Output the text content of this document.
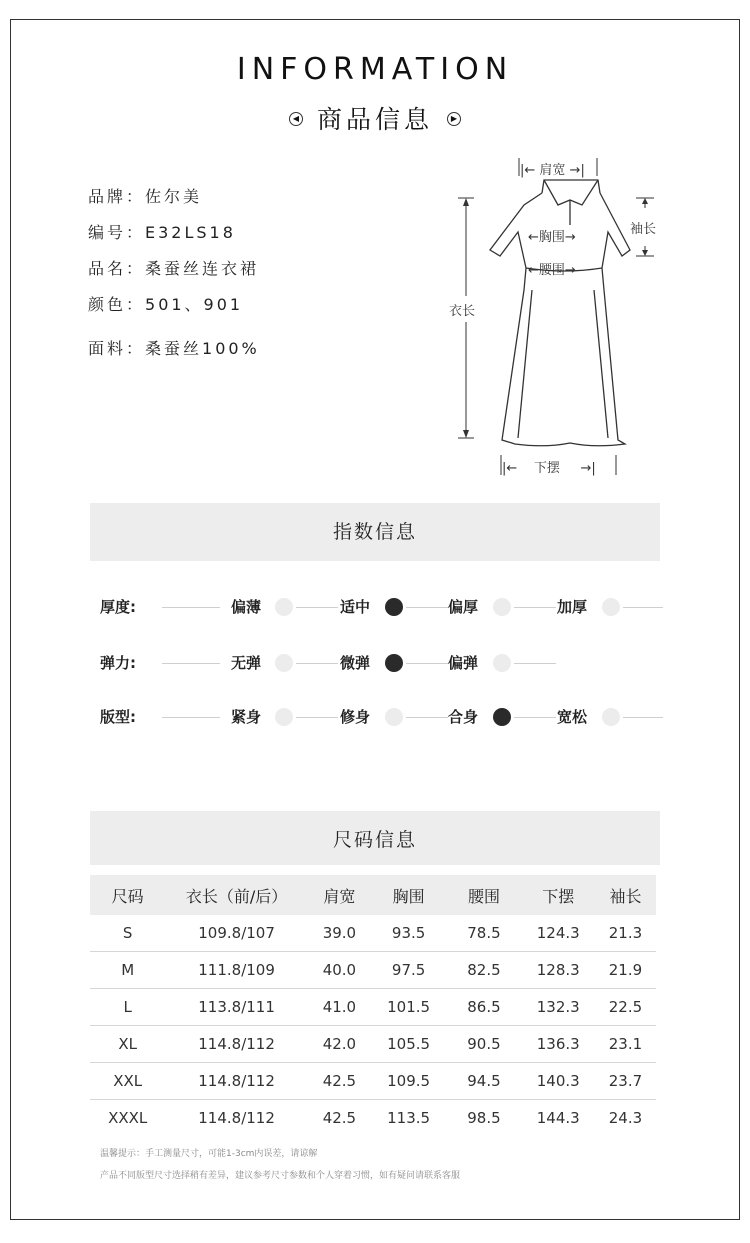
INFORMATION
◀ 商品信息 ▶
品牌：佐尔美
编号：E32LS18
品名：桑蚕丝连衣裙
颜色：501、901
面料：桑蚕丝100%
|← 肩宽 →|
袖长
←胸围→
←腰围→
衣长
|←    下摆     →|
指数信息
厚度:	偏薄	适中	偏厚	加厚
弹力:	无弹	微弹	偏弹
版型:	紧身	修身	合身	宽松
尺码信息
尺码	衣长（前/后）	肩宽	胸围	腰围	下摆	袖长
S	109.8/107	39.0	93.5	78.5	124.3	21.3
M	111.8/109	40.0	97.5	82.5	128.3	21.9
L	113.8/111	41.0	101.5	86.5	132.3	22.5
XL	114.8/112	42.0	105.5	90.5	136.3	23.1
XXL	114.8/112	42.5	109.5	94.5	140.3	23.7
XXXL	114.8/112	42.5	113.5	98.5	144.3	24.3
温馨提示：手工测量尺寸，可能1-3cm内误差，请谅解
产品不同版型尺寸选择稍有差异，建议参考尺寸参数和个人穿着习惯，如有疑问请联系客服
